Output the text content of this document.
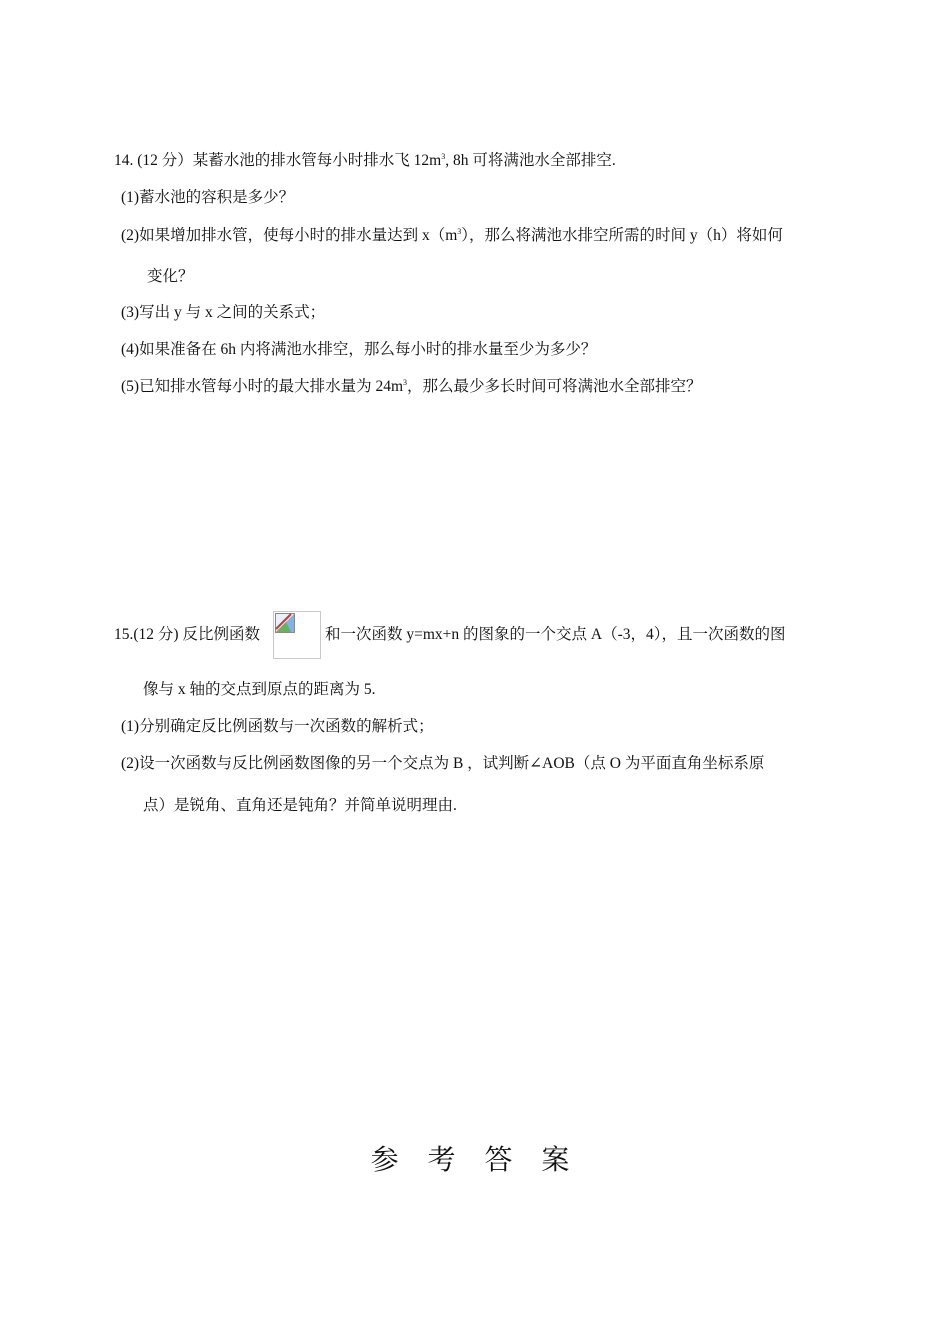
14. (12 分）某蓄水池的排水管每小时排水飞 $12m^3$, 8h 可将满池水全部排空.
(1)蓄水池的容积是多少？
(2)如果增加排水管，使每小时的排水量达到 $x(m^3)$，那么将满池水排空所需的时间 y（h）将如何
变化？
(3)写出 y 与 x 之间的关系式；
(4)如果准备在 6h 内将满池水排空，那么每小时的排水量至少为多少？
(5)已知排水管每小时的最大排水量为 $24m^3$，那么最少多长时间可将满池水全部排空？
15.(12 分) 反比例函数	和一次函数 y=mx+n 的图象的一个交点 A（-3，4），且一次函数的图
像与 x 轴的交点到原点的距离为 5.
(1)分别确定反比例函数与一次函数的解析式；
(2)设一次函数与反比例函数图像的另一个交点为 B ，试判断∠AOB（点 O 为平面直角坐标系原
点）是锐角、直角还是钝角？并简单说明理由.
参 考 答 案
